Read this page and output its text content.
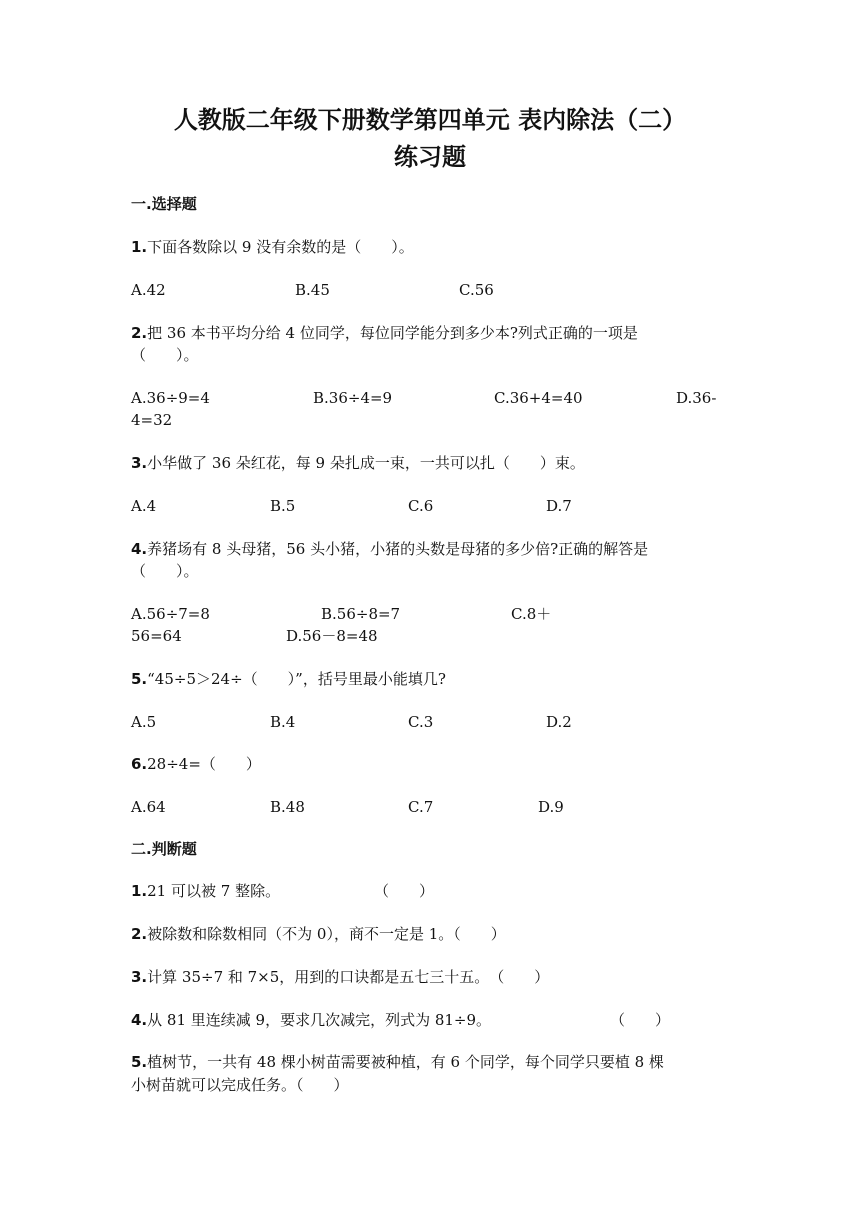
人教版二年级下册数学第四单元 表内除法（二）
练习题
一.选择题
1.下面各数除以 9 没有余数的是（　　）。
A.42	B.45	C.56
2.把 36 本书平均分给 4 位同学，每位同学能分到多少本?列式正确的一项是
（　　）。
A.36÷9=4	B.36÷4=9	C.36+4=40	D.36-
4=32
3.小华做了 36 朵红花，每 9 朵扎成一束，一共可以扎（　　）束。
A.4	B.5	C.6	D.7
4.养猪场有 8 头母猪，56 头小猪，小猪的头数是母猪的多少倍?正确的解答是
（　　）。
A.56÷7=8	B.56÷8=7	C.8＋
56=64	D.56－8=48
5.“45÷5＞24÷（　　）”，括号里最小能填几?
A.5	B.4	C.3	D.2
6.28÷4=（　　）
A.64	B.48	C.7	D.9
二.判断题
1.21 可以被 7 整除。	（　　）
2.被除数和除数相同（不为 0），商不一定是 1。（　　）
3.计算 35÷7 和 7×5，用到的口诀都是五七三十五。　（　　）
4.从 81 里连续减 9，要求几次减完，列式为 81÷9。	（　　）
5.植树节，一共有 48 棵小树苗需要被种植，有 6 个同学，每个同学只要植 8 棵
小树苗就可以完成任务。（　　）
